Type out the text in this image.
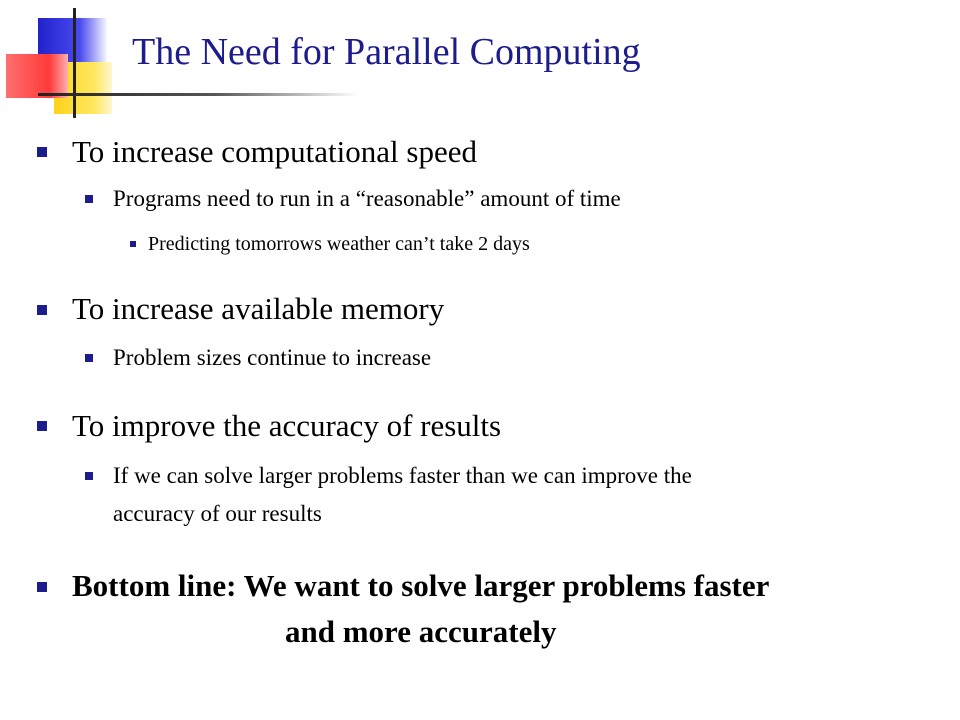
The Need for Parallel Computing
To increase computational speed
Programs need to run in a “reasonable” amount of time
Predicting tomorrows weather can’t take 2 days
To increase available memory
Problem sizes continue to increase
To improve the accuracy of results
If we can solve larger problems faster than we can improve the
accuracy of our results
Bottom line: We want to solve larger problems faster
and more accurately
